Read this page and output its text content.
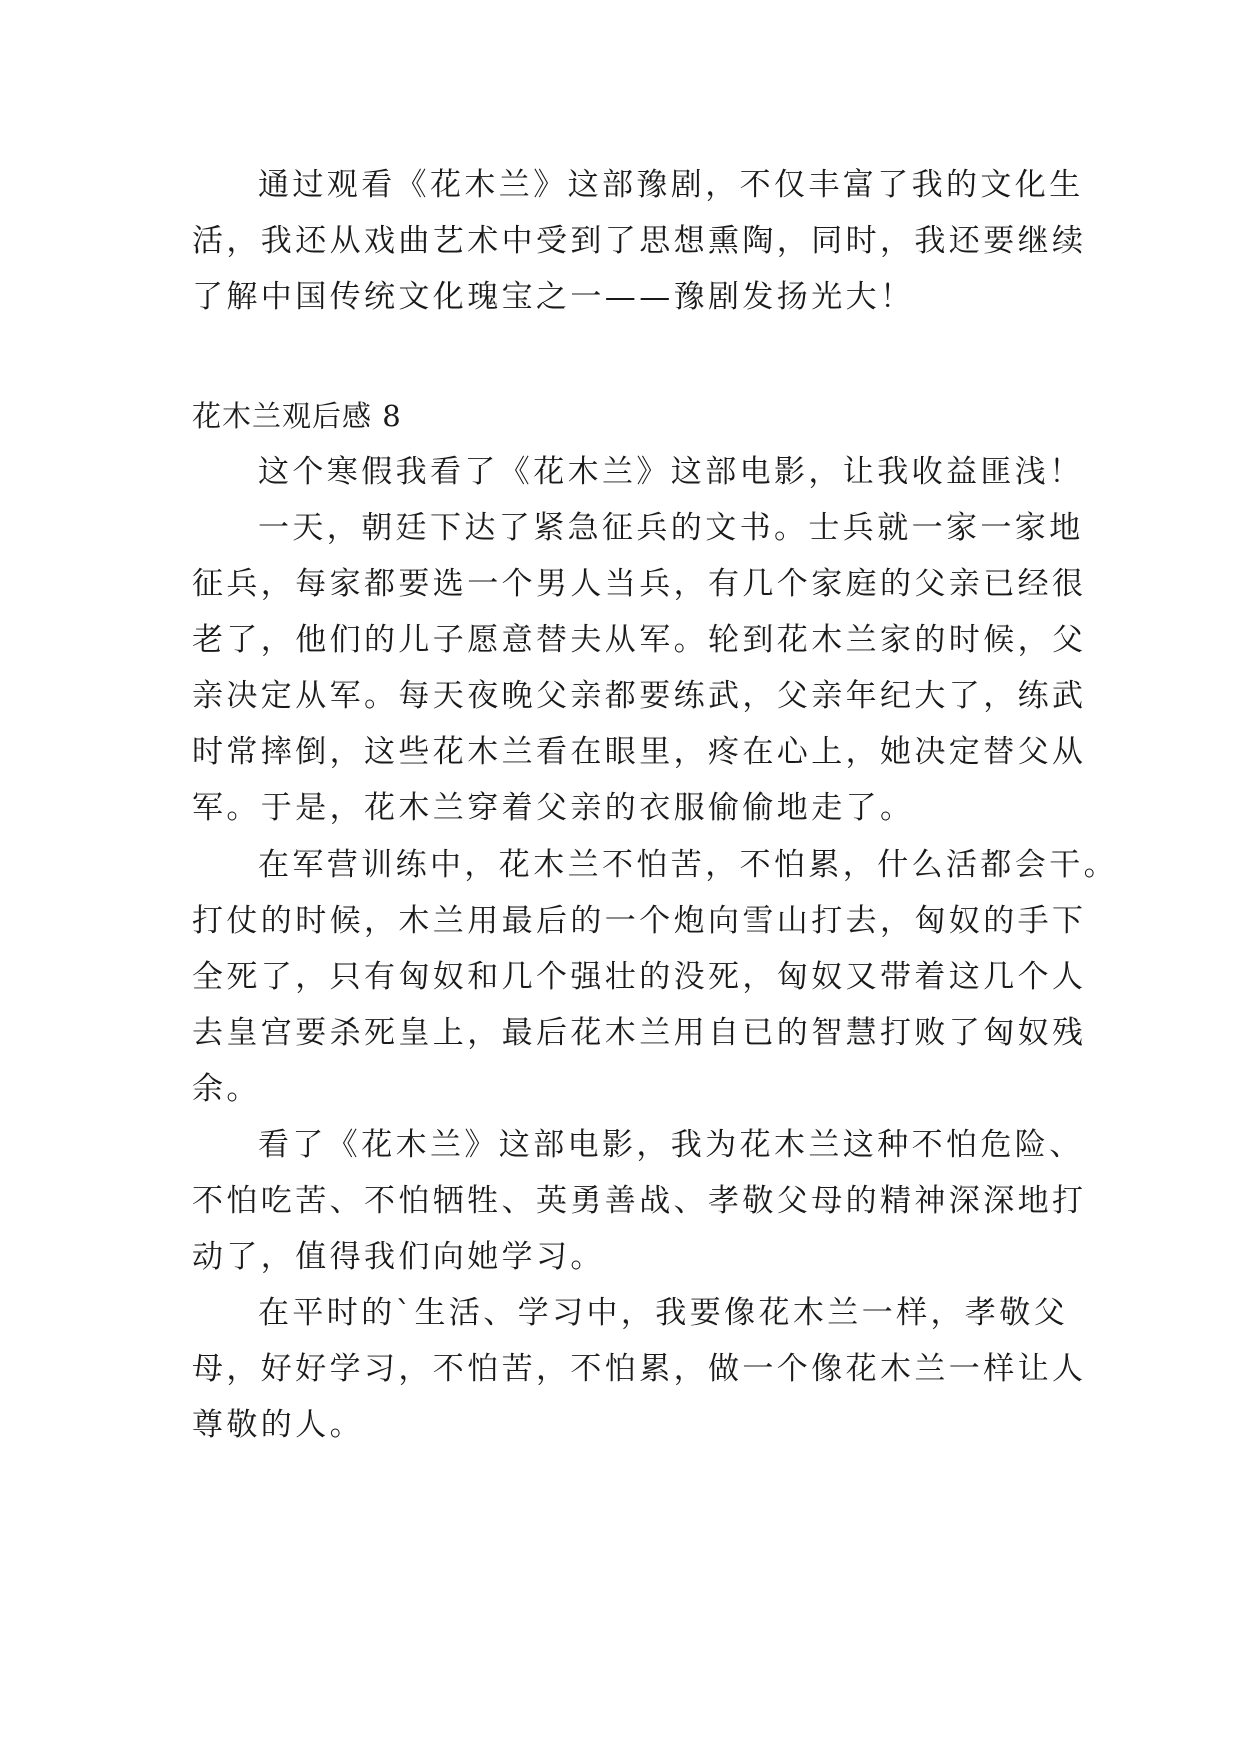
通过观看《花木兰》这部豫剧，不仅丰富了我的文化生

活，我还从戏曲艺术中受到了思想熏陶，同时，我还要继续

了解中国传统文化瑰宝之一——豫剧发扬光大！

花木兰观后感 8

这个寒假我看了《花木兰》这部电影，让我收益匪浅！

一天，朝廷下达了紧急征兵的文书。士兵就一家一家地

征兵，每家都要选一个男人当兵，有几个家庭的父亲已经很

老了，他们的儿子愿意替夫从军。轮到花木兰家的时候，父

亲决定从军。每天夜晚父亲都要练武，父亲年纪大了，练武

时常摔倒，这些花木兰看在眼里，疼在心上，她决定替父从

军。于是，花木兰穿着父亲的衣服偷偷地走了。

在军营训练中，花木兰不怕苦，不怕累，什么活都会干。

打仗的时候，木兰用最后的一个炮向雪山打去，匈奴的手下

全死了，只有匈奴和几个强壮的没死，匈奴又带着这几个人

去皇宫要杀死皇上，最后花木兰用自已的智慧打败了匈奴残

余。

看了《花木兰》这部电影，我为花木兰这种不怕危险、

不怕吃苦、不怕牺牲、英勇善战、孝敬父母的精神深深地打

动了，值得我们向她学习。

在平时的`生活、学习中，我要像花木兰一样，孝敬父

母，好好学习，不怕苦，不怕累，做一个像花木兰一样让人

尊敬的人。
